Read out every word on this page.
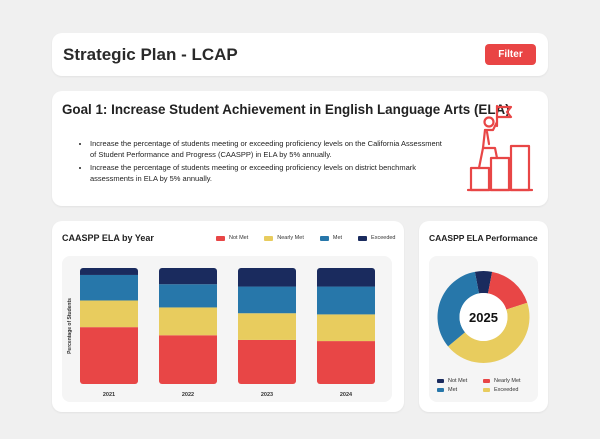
Strategic Plan - LCAP	Filter
Goal 1: Increase Student Achievement in English Language Arts (ELA)
• Increase the percentage of students meeting or exceeding proficiency levels on the California Assessment of Student Performance and Progress (CAASPP) in ELA by 5% annually.
• Increase the percentage of students meeting or exceeding proficiency levels on district benchmark assessments in ELA by 5% annually.
CAASPP ELA by Year	Not Met	Nearly Met	Met	Exceeded
Percentage of Students
2021	2022	2023	2024
CAASPP ELA Performance
2025
Not Met	Nearly Met
Met	Exceeded
